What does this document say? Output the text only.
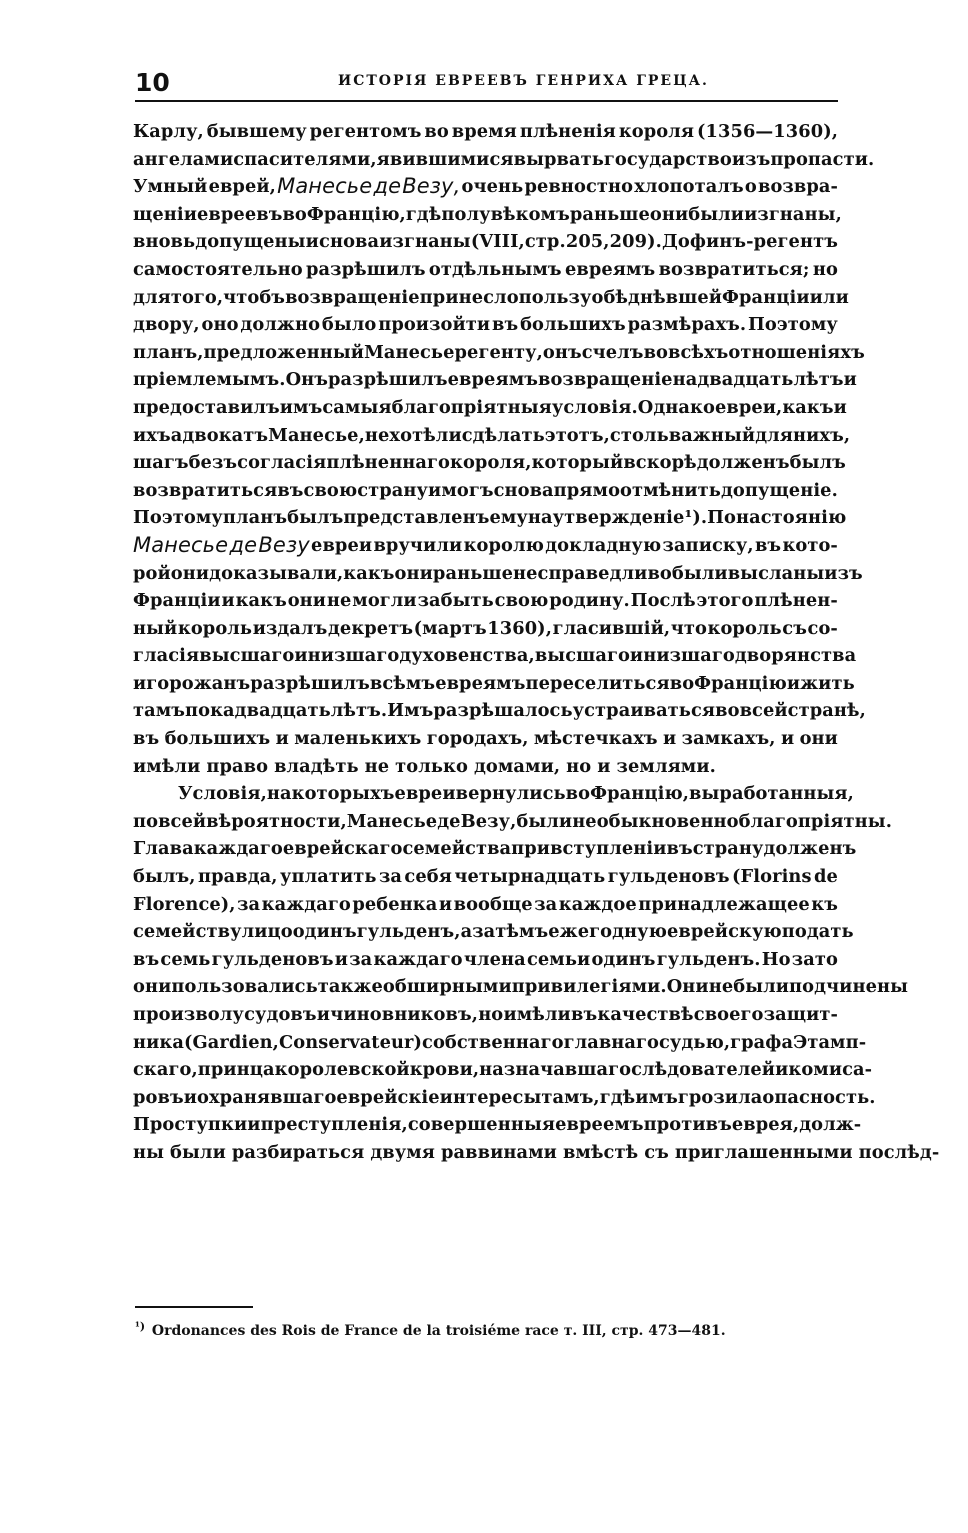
10	ИСТОРІЯ ЕВРЕЕВЪ ГЕНРИХА ГРЕЦА.
Карлу, бывшему регентомъ во время плѣненія короля (1356—1360),
ангелами спасителями, явившимися вырвать государство изъ пропасти.
Умный еврей, Манесье де Везу, очень ревностно хлопоталъ о возвра-
щеніи евреевъ во Францію, гдѣ полувѣкомъ раньше они были изгнаны,
вновь допущены и снова изгнаны (VIII, стр. 205, 209). Дофинъ-регентъ
самостоятельно разрѣшилъ отдѣльнымъ евреямъ возвратиться; но
для того, чтобъ возвращеніе принесло пользу обѣднѣвшей Франціи или
двору, оно должно было произойти въ большихъ размѣрахъ. Поэтому
планъ, предложенный Манесье регенту, онъ счелъ во всѣхъ отношеніяхъ
пріемлемымъ. Онъ разрѣшилъ евреямъ возвращеніе на двадцать лѣтъ и
предоставилъ имъ самыя благопріятныя условія. Однако евреи, какъ и
ихъ адвокатъ Манесье, не хотѣли сдѣлать этотъ, столь важный для нихъ,
шагъ безъ согласія плѣненнаго короля, который вскорѣ долженъ былъ
возвратиться въ свою страну и могъ снова прямо отмѣнить допущеніе.
Поэтому планъ былъ представленъ ему на утвержденіе ¹). По настоянію
Манесье де Везу евреи вручили королю докладную записку, въ кото-
рой они доказывали, какъ они раньше несправедливо были высланы изъ
Франціи и какъ они не могли забыть свою родину. Послѣ этого плѣнен-
ный король издалъ декретъ (мартъ 1360), гласившій, что король съ со-
гласія высшаго и низшаго духовенства, высшаго и низшаго дворянства
и горожанъ разрѣшилъ всѣмъ евреямъ переселиться во Францію и жить
тамъ пока двадцать лѣтъ. Имъ разрѣшалось устраиваться во всей странѣ,
въ большихъ и маленькихъ городахъ, мѣстечкахъ и замкахъ, и они
имѣли право владѣть не только домами, но и землями.
Условія, на которыхъ евреи вернулись во Францію, выработанныя,
по всей вѣроятности, Манесье де Везу, были необыкновенно благопріятны.
Глава каждаго еврейскаго семейства при вступленіи въ страну долженъ
былъ, правда, уплатить за себя четырнадцать гульденовъ (Florins de
Florence), за каждаго ребенка и вообще за каждое принадлежащее къ
семейству лицо одинъ гульденъ, а затѣмъ ежегодную еврейскую подать
въ семь гульденовъ и за каждаго члена семьи одинъ гульденъ. Но зато
они пользовались также обширными привилегіями. Они не были подчинены
произволу судовъ и чиновниковъ, но имѣли въ качествѣ своего защит-
ника (Gardien, Conservateur) собственнаго главнаго судью, графа Этамп-
скаго, принца королевской крови, назначавшаго слѣдователей и комиса-
ровъ и охранявшаго еврейскіе интересы тамъ, гдѣ имъ грозила опасность.
Проступки и преступленія, совершенныя евреемъ противъ еврея, долж-
ны были разбираться двумя раввинами вмѣстѣ съ приглашенными послѣд-
$^{^1)}$ Ordonances des Rois de France de la troisiéme race т. III, стр. 473—481.
